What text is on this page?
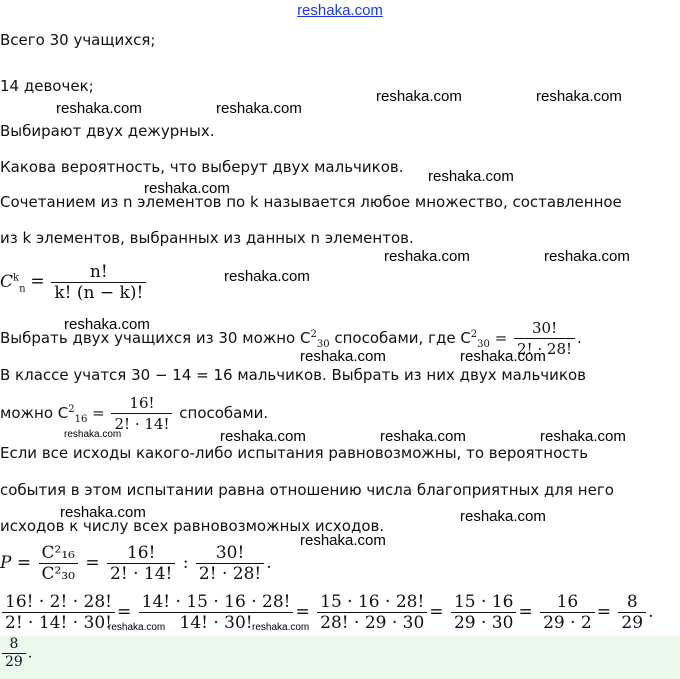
reshaka.com
Всего 30 учащихся;
14 девочек;
Выбирают двух дежурных.
Какова вероятность, что выберут двух мальчиков.
Сочетанием из n элементов по k называется любое множество, составленное
из k элементов, выбранных из данных n элементов.
$C^k_n = \frac{n!}{k! (n - k)!}$
Выбрать двух учащихся из 30 можно $C^2_{30}$ способами, где $C^2_{30} = \frac{30!}{2! \cdot 28!}$ .
В классе учатся 30 − 14 = 16 мальчиков. Выбрать из них двух мальчиков
можно $C^2_{16} = \frac{16!}{2! \cdot 14!}$ способами.
Если все исходы какого-либо испытания равновозможны, то вероятность
события в этом испытании равна отношению числа благоприятных для него
исходов к числу всех равновозможных исходов.
$P = \frac{\text{C²₁₆}}{\text{C²₃₀}} = \frac{16!}{2! \cdot 14!}$ : $\frac{30!}{2! \cdot 28!}$ .
$\frac{16! \cdot 2! \cdot 28!}{2! \cdot 14! \cdot 30!} = \frac{14! \cdot 15 \cdot 16 \cdot 28!}{14! \cdot 30!} = \frac{15 \cdot 16 \cdot 28!}{28! \cdot 29 \cdot 30} = \frac{15 \cdot 16}{29 \cdot 30} = \frac{16}{29 \cdot 2} = \frac{8}{29}$ .
$\frac{8}{29}$ .
reshaka.com	reshaka.com
reshaka.com	reshaka.com
reshaka.com
reshaka.com
reshaka.com	reshaka.com
reshaka.com
reshaka.com
reshaka.com	reshaka.com
reshaka.com	reshaka.com	reshaka.com	reshaka.com
reshaka.com	reshaka.com
reshaka.com
reshaka.com	reshaka.com
